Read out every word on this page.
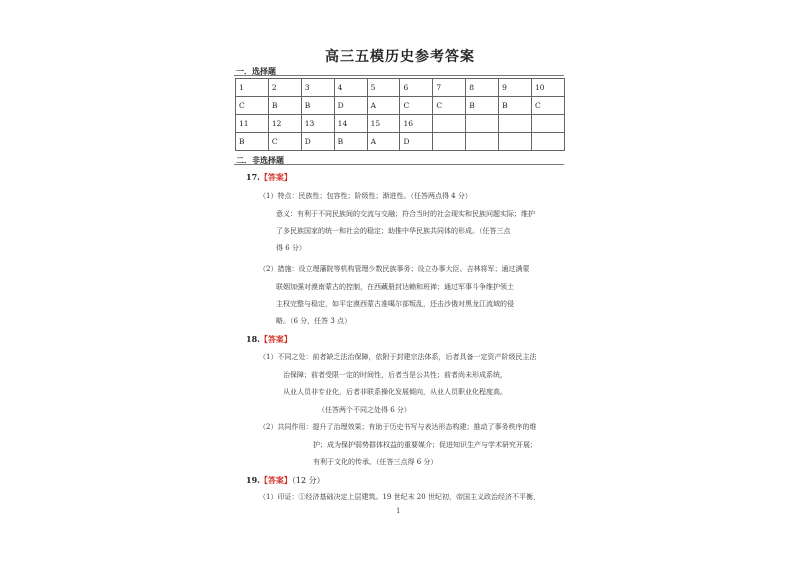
高三五模历史参考答案
一．选择题
1	2	3	4	5	6	7	8	9	10
C	B	B	D	A	C	C	B	B	C
11	12	13	14	15	16				
B	C	D	B	A	D				
二．非选择题
17.【答案】
（1）特点：民族性；包容性；阶级性；渐进性。（任答两点得 4 分）
意义：有利于不同民族间的交流与交融；符合当时的社会现实和民族问题实际；维护
了多民族国家的统一和社会的稳定；助推中华民族共同体的形成。（任答三点
得 6 分）
（2）措施：设立理藩院等机构管理少数民族事务；设立办事大臣、吉林将军；通过满蒙
联姻加强对漠南蒙古的控制，在西藏册封达赖和班禅；通过军事斗争维护领土
主权完整与稳定，如平定漠西蒙古准噶尔部叛乱，还击沙俄对黑龙江流域的侵
略。（6 分，任答 3 点）
18.【答案】
（1）不同之处：前者缺乏法治保障，依附于封建宗法体系，后者具备一定资产阶级民主法
治保障；前者受限一定的时间性，后者当是公共性；前者尚未形成系统，
从业人员非专业化，后者非联系操化发展倾向，从业人员职业化程度高。
（任答两个不同之处得 6 分）
（2）共同作用：提升了治理效果；有助于历史书写与表达形态构建；推动了事务秩序的维
护；成为保护弱势群体权益的重要媒介；促进知识生产与学术研究开展；
有利于文化的传承。（任答三点得 6 分）
19.【答案】（12 分）
（1）印证：①经济基础决定上层建筑。19 世纪末 20 世纪初，帝国主义政治经济不平衡，
1
